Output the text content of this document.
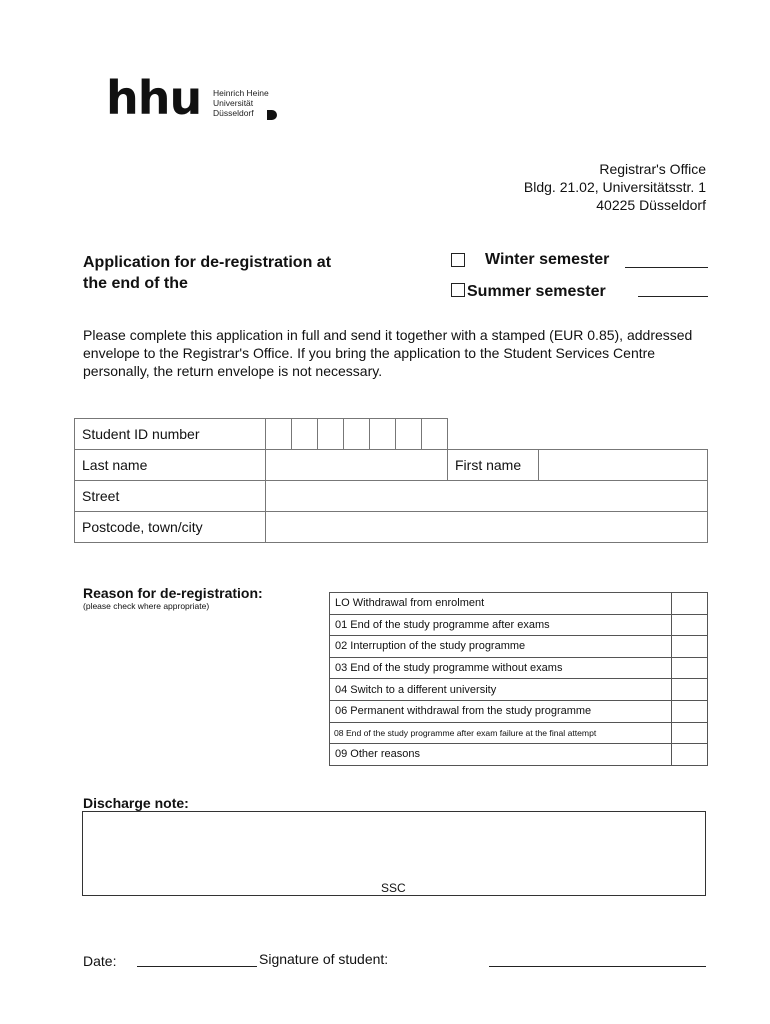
hhu Heinrich Heine
Universität
Düsseldorf
Registrar's Office
Bldg. 21.02, Universitätsstr. 1
40225 Düsseldorf
Application for de-registration at
the end of the
Winter semester
Summer semester
Please complete this application in full and send it together with a stamped (EUR 0.85), addressed envelope to the Registrar's Office. If you bring the application to the Student Services Centre personally, the return envelope is not necessary.
Student ID number									
Last name								First name	
Street									
Postcode, town/city									
Reason for de-registration:
(please check where appropriate)	LO Withdrawal from enrolment	
01 End of the study programme after exams	
02 Interruption of the study programme	
03 End of the study programme without exams	
04 Switch to a different university	
06 Permanent withdrawal from the study programme	
08 End of the study programme after exam failure at the final attempt	
09 Other reasons	
Discharge note:
SSC
Date:	Signature of student:
